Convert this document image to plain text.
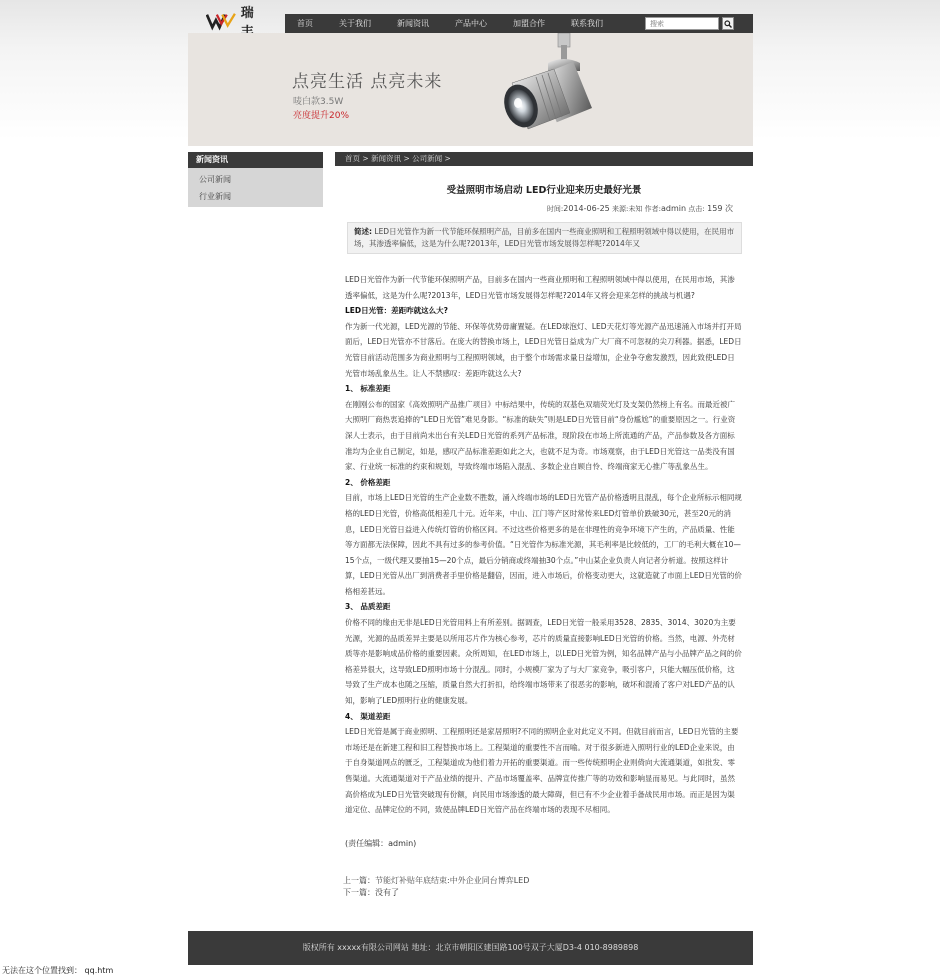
瑞
首页	关于我们	新闻资讯	产品中心	加盟合作	联系我们
搜索
点亮生活 点亮未来
唛白款3.5W
亮度提升20%
新闻资讯
公司新闻
行业新闻
首页 > 新闻资讯 > 公司新闻 >
受益照明市场启动 LED行业迎来历史最好光景
时间:2014-06-25 来源:未知 作者:admin 点击: 159 次
简述: LED日光管作为新一代节能环保照明产品，目前多在国内一些商业照明和工程照明领域中得以使用，在民用市场，其渗透率偏低，这是为什么呢?2013年，LED日光管市场发展得怎样呢?2014年又

LED日光管作为新一代节能环保照明产品，目前多在国内一些商业照明和工程照明领域中得以使用，在民用市场，其渗透率偏低，这是为什么呢?2013年，LED日光管市场发展得怎样呢?2014年又将会迎来怎样的挑战与机遇?

LED日光管：差距咋就这么大?

作为新一代光源，LED光源的节能、环保等优势毋庸置疑。在LED球泡灯、LED天花灯等光源产品迅速涌入市场并打开局面后，LED日光管亦不甘落后。在庞大的替换市场上，LED日光管日益成为广大厂商不可忽视的尖刀利器。据悉，LED日光管目前活动范围多为商业照明与工程照明领域，由于整个市场需求量日益增加，企业争夺愈发激烈，因此致使LED日光管市场乱象丛生。让人不禁感叹：差距咋就这么大?

1、 标准差距

在刚刚公布的国家《高效照明产品推广项目》中标结果中，传统的双基色双端荧光灯及支架仍然榜上有名。而最近被广大照明厂商热衷追捧的“LED日光管”难见身影。“标准的缺失”则是LED日光管目前“身份尴尬”的重要原因之一。行业资深人士表示，由于目前尚未出台有关LED日光管的系列产品标准，现阶段在市场上所流通的产品，产品参数及各方面标准均为企业自己制定，如是，感叹产品标准差距如此之大，也就不足为奇。市场观察，由于LED日光管这一品类没有国家、行业统一标准的约束和规划，导致终端市场陷入混乱、多数企业自顾自怜、终端商家无心推广等乱象丛生。

2、 价格差距

目前，市场上LED日光管的生产企业数不胜数，涌入终端市场的LED日光管产品价格透明且混乱，每个企业所标示相同规格的LED日光管，价格高低相差几十元。近年来，中山、江门等产区时常传来LED灯管单价跌破30元，甚至20元的消息，LED日光管日益进入传统灯管的价格区间。不过这些价格更多的是在非理性的竞争环境下产生的，产品质量、性能等方面都无法保障，因此不具有过多的参考价值。“日光管作为标准光源，其毛利率是比较低的，工厂的毛利大概在10—15个点，一级代理又要抽15—20个点，最后分销商或终端抽30个点。”中山某企业负责人向记者分析道。按照这样计算，LED日光管从出厂到消费者手里价格是翻倍，因而，进入市场后，价格变动更大，这就造就了市面上LED日光管的价格相差甚远。

3、 品质差距

价格不同的缘由无非是LED日光管用料上有所差别。据调查，LED日光管一般采用3528、2835、3014、3020为主要光源，光源的品质差异主要是以所用芯片作为核心参考，芯片的质量直接影响LED日光管的价格。当然，电源、外壳材质等亦是影响成品价格的重要因素。众所周知，在LED市场上，以LED日光管为例，知名品牌产品与小品牌产品之间的价格差异很大，这导致LED照明市场十分混乱。同时，小规模厂家为了与大厂家竞争，吸引客户，只能大幅压低价格，这导致了生产成本也随之压缩，质量自然大打折扣，给终端市场带来了很恶劣的影响，破坏和混淆了客户对LED产品的认知，影响了LED照明行业的健康发展。

4、 渠道差距

LED日光管是属于商业照明、工程照明还是家居照明?不同的照明企业对此定义不同。但就目前而言，LED日光管的主要市场还是在新建工程和旧工程替换市场上。工程渠道的重要性不言而喻。对于很多新进入照明行业的LED企业来说，由于自身渠道网点的匮乏，工程渠道成为他们着力开拓的重要渠道。而一些传统照明企业则倚向大流通渠道，如批发、零售渠道。大流通渠道对于产品业绩的提升、产品市场覆盖率、品牌宣传推广等的功效和影响显而易见。与此同时，虽然高价格成为LED日光管突破现有份额，向民用市场渗透的最大障碍，但已有不少企业着手备战民用市场。而正是因为渠道定位、品牌定位的不同，致使品牌LED日光管产品在终端市场的表现不尽相同。

(责任编辑：admin)
上一篇：节能灯补贴年底结束:中外企业同台博弈LED
下一篇：没有了
版权所有 xxxxx有限公司网站 地址：北京市朝阳区建国路100号双子大厦D3-4 010-8989898
无法在这个位置找到： qq.htm
